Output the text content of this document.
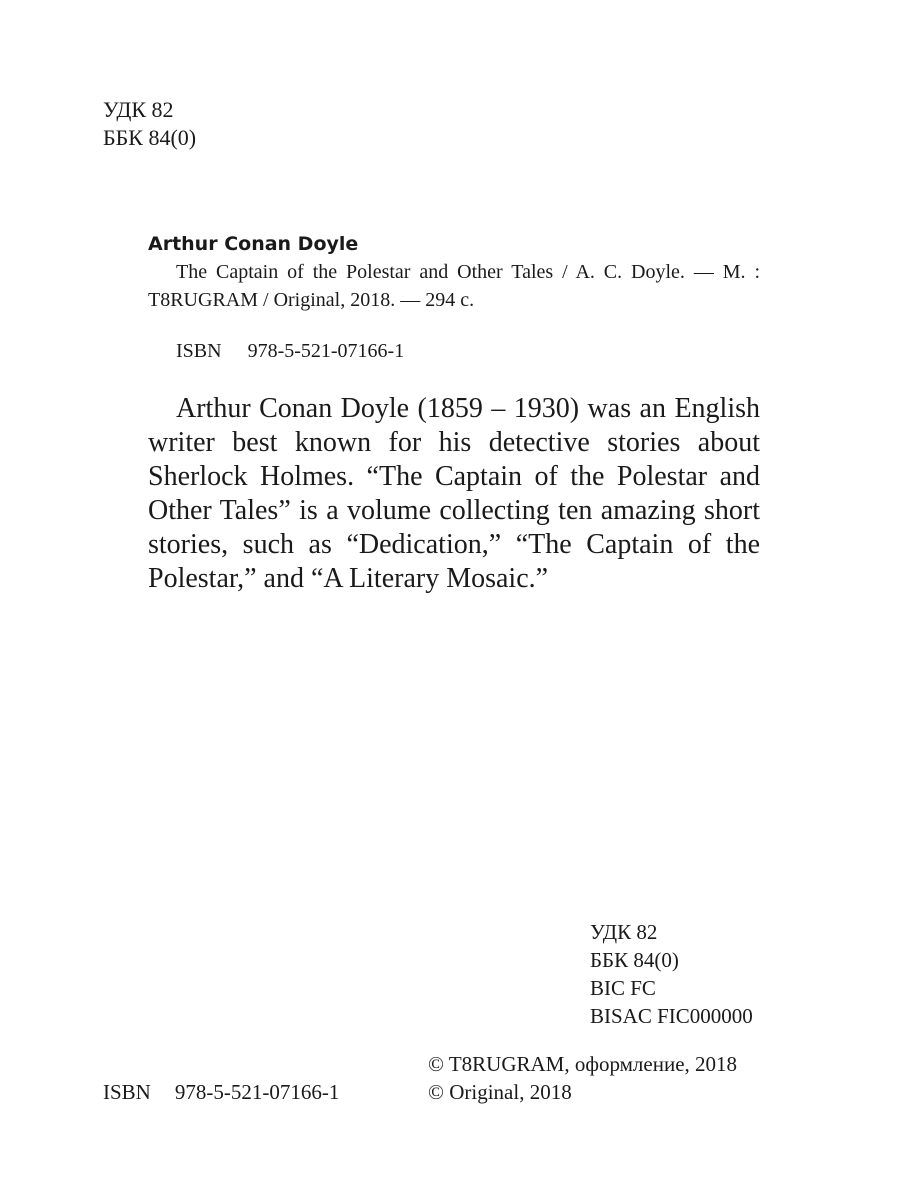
УДК 82
ББК 84(0)
Arthur Conan Doyle

The Captain of the Polestar and Other Tales / A. C. Doyle. — M. : T8RUGRAM / Original, 2018. — 294 c.

ISBN 978-5-521-07166-1

Arthur Conan Doyle (1859 – 1930) was an English writer best known for his detective stories about Sherlock Holmes. “The Captain of the Polestar and Other Tales” is a volume collecting ten amazing short stories, such as “Dedication,” “The Captain of the Polestar,” and “A Literary Mosaic.”

УДК 82
ББК 84(0)
BIC FC
BISAC FIC000000
© T8RUGRAM, оформление, 2018
© Original, 2018
ISBN 978-5-521-07166-1
